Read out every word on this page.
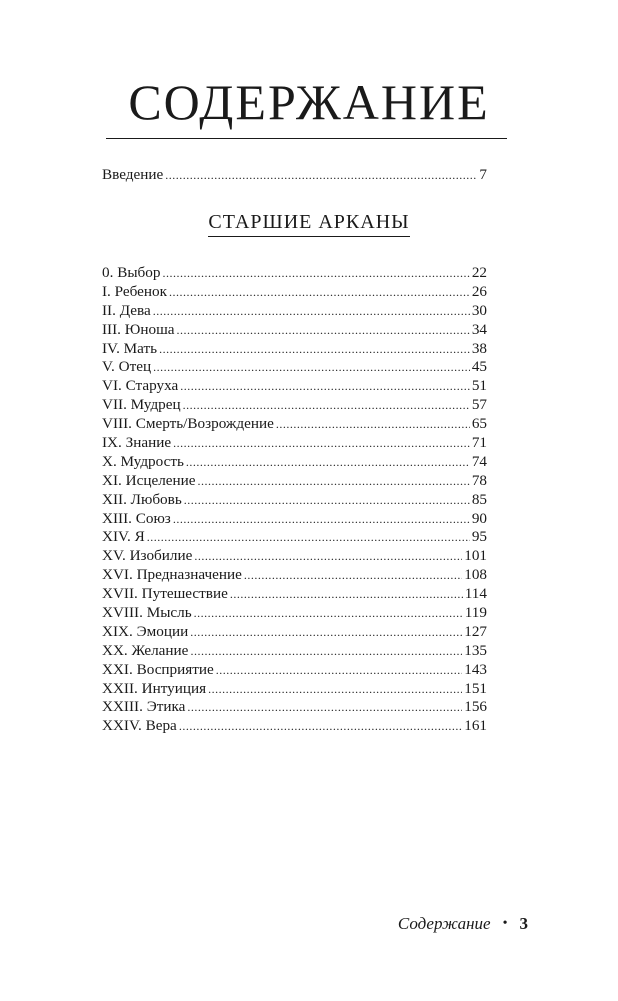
СОДЕРЖАНИЕ
Введение .....	7
СТАРШИЕ АРКАНЫ
0. Выбор .....	22
I. Ребенок .....	26
II. Дева .....	30
III. Юноша .....	34
IV. Мать .....	38
V. Отец .....	45
VI. Старуха .....	51
VII. Мудрец .....	57
VIII. Смерть/Возрождение .....	65
IX. Знание .....	71
X. Мудрость .....	74
XI. Исцеление .....	78
XII. Любовь .....	85
XIII. Союз .....	90
XIV. Я .....	95
XV. Изобилие .....	101
XVI. Предназначение .....	108
XVII. Путешествие .....	114
XVIII. Мысль .....	119
XIX. Эмоции .....	127
XX. Желание .....	135
XXI. Восприятие .....	143
XXII. Интуиция .....	151
XXIII. Этика .....	156
XXIV. Вера .....	161
Содержание • 3
